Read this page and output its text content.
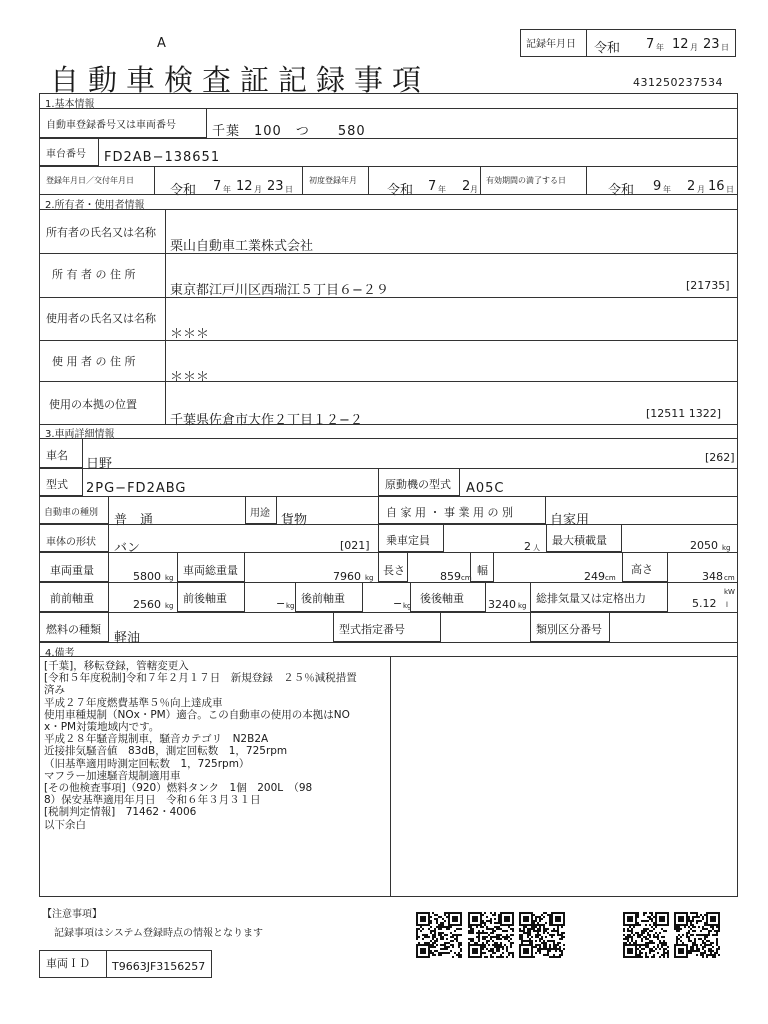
A
自動車検査証記録事項
記録年月日 令和 7 年 12 月 23 日
431250237534
1.基本情報
自動車登録番号又は車両番号	千葉　100　つ　　580
車台番号 FD2AB−138651
登録年月日／交付年月日
令和 7 年 12 月 23 日
初度登録年月
令和 7 年 2 月
有効期間の満了する日
令和 9 年 2 月 16 日
2.所有者・使用者情報
所有者の氏名又は名称
栗山自動車工業株式会社
所 有 者 の 住 所
東京都江戸川区西瑞江５丁目６−２９	[21735]
使用者の氏名又は名称
＊＊＊
使 用 者 の 住 所
＊＊＊
使用の本拠の位置
千葉県佐倉市大作２丁目１２−２	[12511 1322]
3.車両詳細情報
車名
日野	[262]
型式 2PG−FD2ABG	原動機の型式 A05C
自動車の種別 普　通	用途 貨物
自 家 用 ・ 事 業 用 の 別
自家用
車体の形状 バン	[021] 乗車定員	2 人
最大積載量	2050 kg
車両重量	5800 kg
車両総重量	7960 kg
長さ	859 cm
幅	249 cm
高さ
348 cm
前前軸重	2560 kg
前後軸重	− kg
後前軸重	− kg
後後軸重 3240 kg
総排気量又は定格出力	5.12
kW
l
燃料の種類
軽油
型式指定番号	類別区分番号
4.備考
[千葉]，移転登録，管轄変更入
[令和５年度税制]令和７年２月１７日　新規登録　２５％減税措置
済み
平成２７年度燃費基準５％向上達成車
使用車種規制（NOx・PM）適合。この自動車の使用の本拠はNO
x・PM対策地域内です。
平成２８年騒音規制車，騒音カテゴリ　N2B2A
近接排気騒音値　83dB，測定回転数　1，725rpm
（旧基準適用時測定回転数　1，725rpm）
マフラー加速騒音規制適用車
[その他検査事項]（920）燃料タンク　1個　200L　（98
8）保安基準適用年月日　令和６年３月３１日
[税制判定情報]　71462・4006
以下余白
【注意事項】
記録事項はシステム登録時点の情報となります
車両ＩＤ T9663JF3156257
